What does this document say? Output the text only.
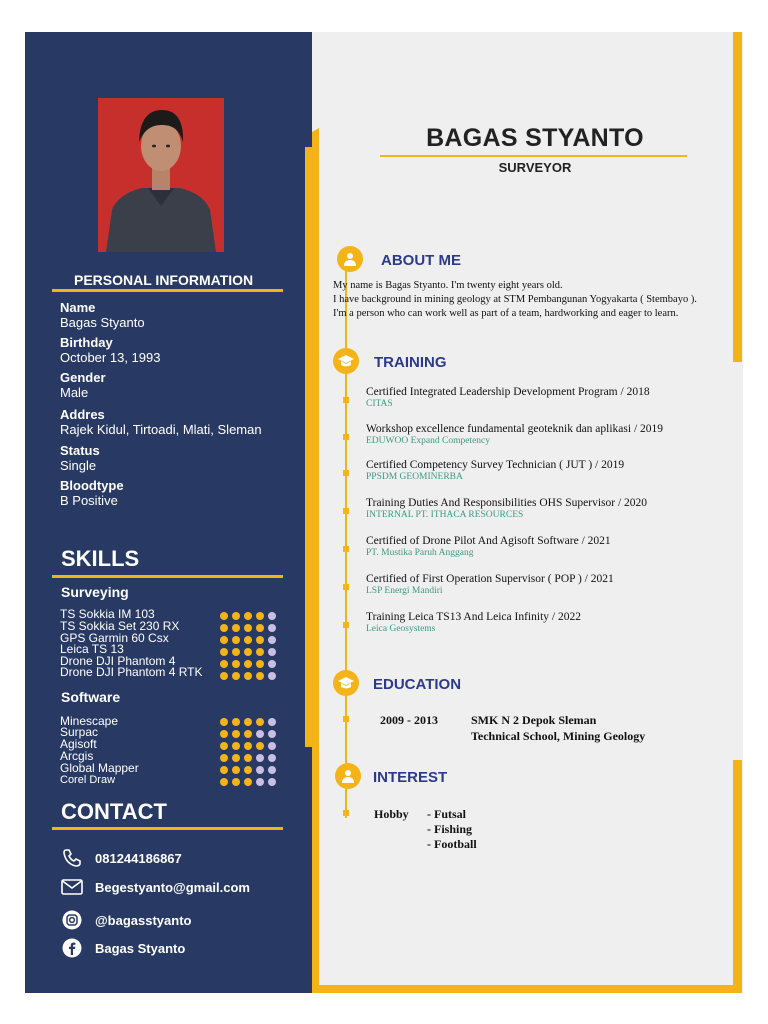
PERSONAL INFORMATION
Name
Bagas Styanto
Birthday
October 13, 1993
Gender
Male
Addres
Rajek Kidul, Tirtoadi, Mlati, Sleman
Status
Single
Bloodtype
B Positive
SKILLS
Surveying
TS Sokkia IM 103
TS Sokkia Set 230 RX
GPS Garmin 60 Csx
Leica TS 13
Drone DJI Phantom 4
Drone DJI Phantom 4 RTK
Software
Minescape
Surpac
Agisoft
Arcgis
Global Mapper
Corel Draw
CONTACT
081244186867
Begestyanto@gmail.com
@bagasstyanto
Bagas Styanto
BAGAS STYANTO
SURVEYOR
ABOUT ME
My name is Bagas Styanto. I'm twenty eight years old.
I have background in mining geology at STM Pembangunan Yogyakarta ( Stembayo ).
I'm a person who can work well as part of a team, hardworking and eager to learn.
TRAINING
Certified Integrated Leadership Development Program / 2018
CITAS
Workshop excellence fundamental geoteknik dan aplikasi / 2019
EDUWOO Expand Competency
Certified Competency Survey Technician ( JUT ) / 2019
PPSDM GEOMINERBA
Training Duties And Responsibilities OHS Supervisor / 2020
INTERNAL PT. ITHACA RESOURCES
Certified of Drone Pilot And Agisoft Software / 2021
PT. Mustika Paruh Anggang
Certified of First Operation Supervisor ( POP ) / 2021
LSP Energi Mandiri
Training Leica TS13 And Leica Infinity / 2022
Leica Geosystems
EDUCATION
2009 - 2013	SMK N 2 Depok Sleman
Technical School, Mining Geology
INTEREST
Hobby - Futsal
- Fishing
- Football
